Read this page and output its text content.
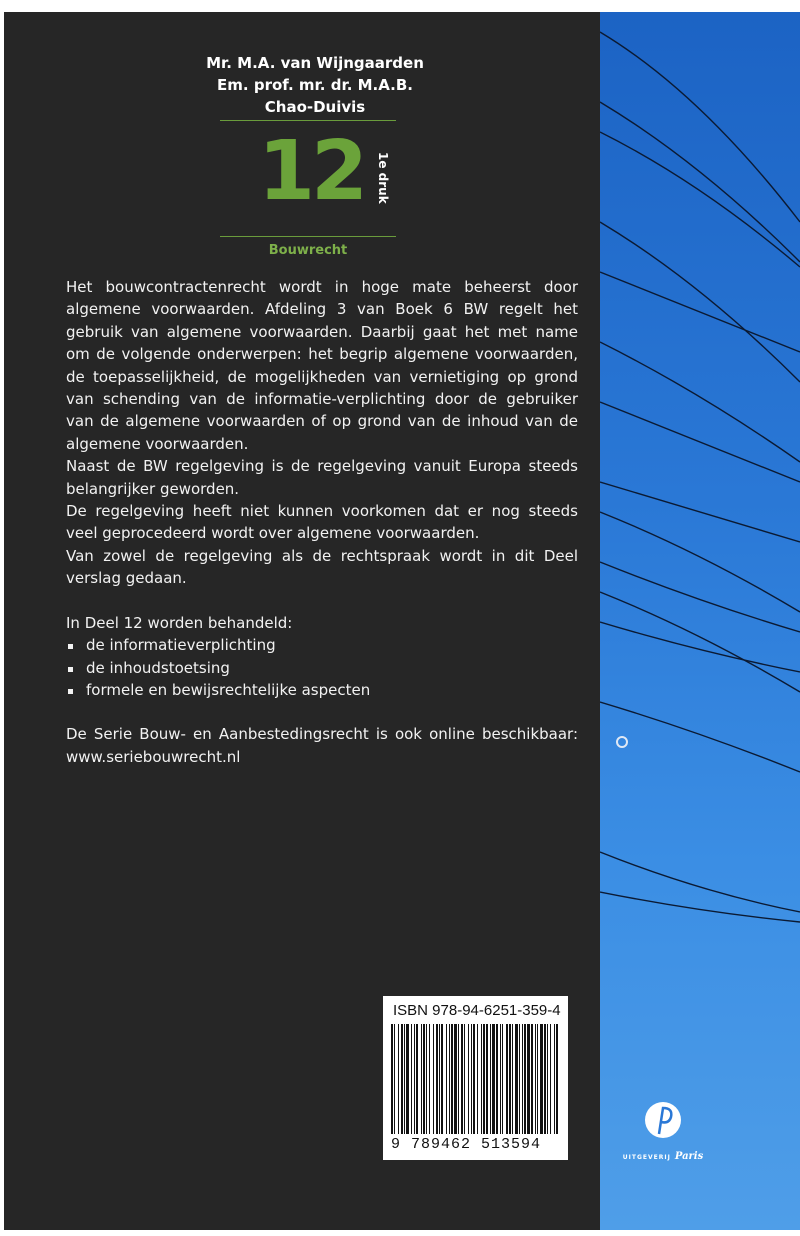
Mr. M.A. van Wijngaarden
Em. prof. mr. dr. M.A.B.
Chao-Duivis
12 1e druk
Bouwrecht

Het bouwcontractenrecht wordt in hoge mate beheerst door algemene voorwaarden. Afdeling 3 van Boek 6 BW regelt het gebruik van algemene voorwaarden. Daarbij gaat het met name om de volgende onderwerpen: het begrip algemene voorwaarden, de toepasselijkheid, de mogelijkheden van vernietiging op grond van schending van de informatie-verplichting door de gebruiker van de algemene voorwaarden of op grond van de inhoud van de algemene voorwaarden.

Naast de BW regelgeving is de regelgeving vanuit Europa steeds belangrijker geworden.

De regelgeving heeft niet kunnen voorkomen dat er nog steeds veel geprocedeerd wordt over algemene voorwaarden.

Van zowel de regelgeving als de rechtspraak wordt in dit Deel verslag gedaan.

In Deel 12 worden behandeld:

de informatieverplichting
de inhoudstoetsing
formele en bewijsrechtelijke aspecten

De Serie Bouw- en Aanbestedingsrecht is ook online beschikbaar: www.seriebouwrecht.nl

ISBN 978-94-6251-359-4
9 789462 513594
UITGEVERIJ Paris
